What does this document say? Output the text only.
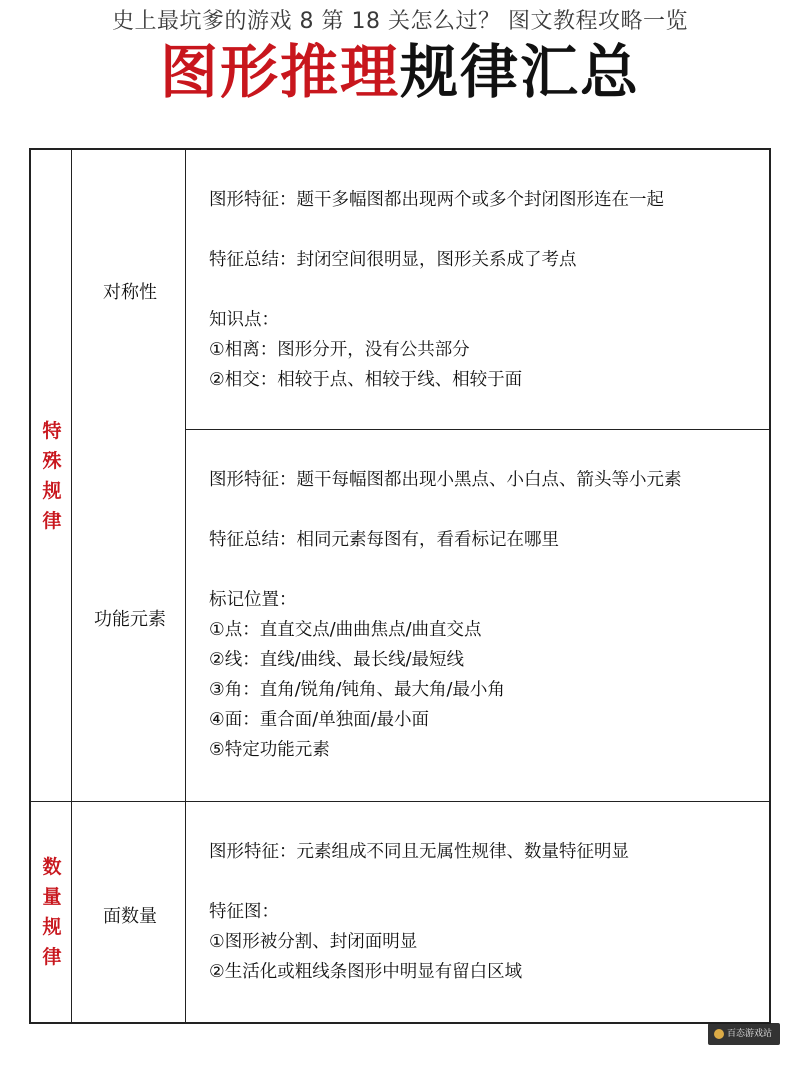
史上最坑爹的游戏 8 第 18 关怎么过？ 图文教程攻略一览
图形推理规律汇总
特
殊
规
律
数
量
规
律
对称性
功能元素
面数量
图形特征：题干多幅图都出现两个或多个封闭图形连在一起
特征总结：封闭空间很明显，图形关系成了考点
知识点：
①相离：图形分开，没有公共部分
②相交：相较于点、相较于线、相较于面
图形特征：题干每幅图都出现小黑点、小白点、箭头等小元素
特征总结：相同元素每图有，看看标记在哪里
标记位置：
①点：直直交点/曲曲焦点/曲直交点
②线：直线/曲线、最长线/最短线
③角：直角/锐角/钝角、最大角/最小角
④面：重合面/单独面/最小面
⑤特定功能元素
图形特征：元素组成不同且无属性规律、数量特征明显
特征图：
①图形被分割、封闭面明显
②生活化或粗线条图形中明显有留白区域
百态游戏站
